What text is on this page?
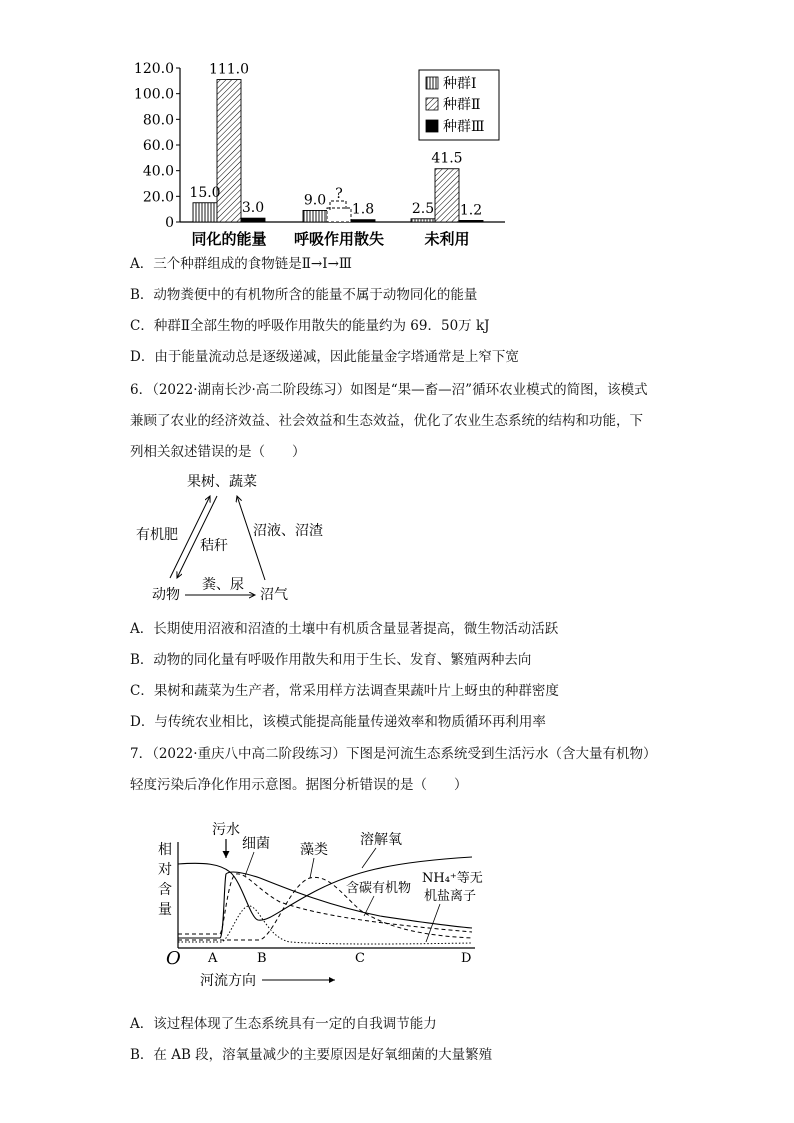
0
20.0
40.0
60.0
80.0
100.0
120.0
15.0
111.0
3.0	9.0 ?
1.8	2.5
41.5
1.2
同化的能量 呼吸作用散失	未利用
种群Ⅰ
种群Ⅱ
种群Ⅲ
A．三个种群组成的食物链是Ⅱ→Ⅰ→Ⅲ
B．动物粪便中的有机物所含的能量不属于动物同化的能量
C．种群Ⅱ全部生物的呼吸作用散失的能量约为 69．50万 kJ
D．由于能量流动总是逐级递减，因此能量金字塔通常是上窄下宽
6．（2022·湖南长沙·高二阶段练习）如图是“果—畜—沼”循环农业模式的简图，该模式
兼顾了农业的经济效益、社会效益和生态效益，优化了农业生态系统的结构和功能，下
列相关叙述错误的是（　　）
果树、蔬菜
动物	沼气
有机肥
秸秆
沼液、沼渣
粪、尿
A．长期使用沼液和沼渣的土壤中有机质含量显著提高，微生物活动活跃
B．动物的同化量有呼吸作用散失和用于生长、发育、繁殖两种去向
C．果树和蔬菜为生产者，常采用样方法调查果蔬叶片上蚜虫的种群密度
D．与传统农业相比，该模式能提高能量传递效率和物质循环再利用率
7．（2022·重庆八中高二阶段练习）下图是河流生态系统受到生活污水（含大量有机物）
轻度污染后净化作用示意图。据图分析错误的是（　　）
相
对
含
量
O A	B	C	D
污水
细菌 藻类
溶解氧
含碳有机物
NH₄⁺等无
机盐离子
河流方向
A．该过程体现了生态系统具有一定的自我调节能力
B．在 AB 段，溶氧量减少的主要原因是好氧细菌的大量繁殖
